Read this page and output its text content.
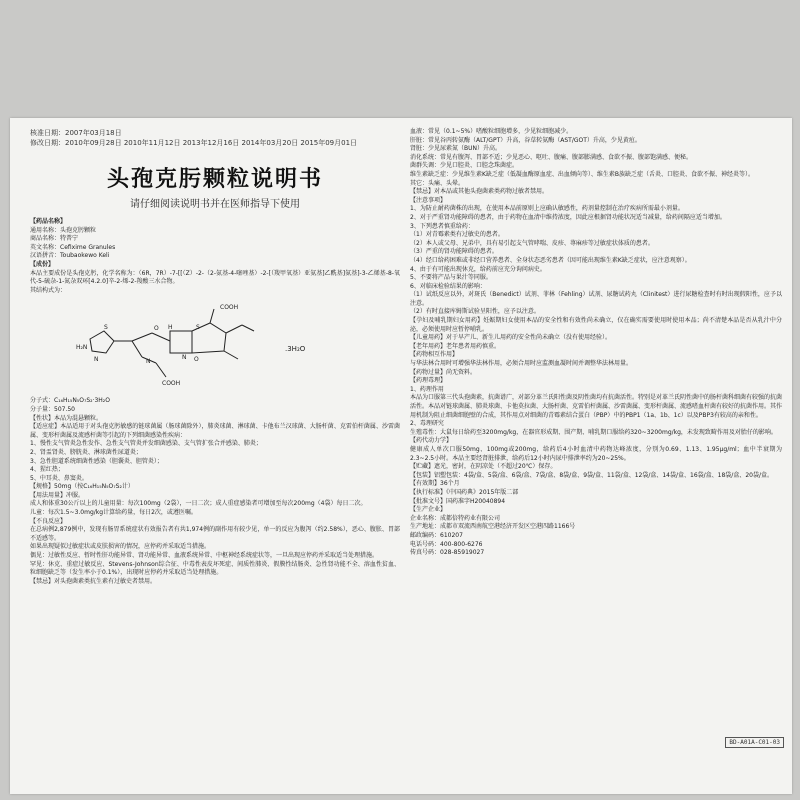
核准日期：2007年03月18日
修改日期：2010年09月28日 2010年11月12日 2013年12月16日 2014年03月20日 2015年09月01日
头孢克肟颗粒说明书
请仔细阅读说明书并在医师指导下使用
【药品名称】
通用名称：头孢克肟颗粒
商品名称：特普宁
英文名称：Cefixime Granules
汉语拼音：Toubaokewo Keli
【成份】
本品主要成份是头孢克肟，化学名称为：（6R，7R）-7-[[（Z）-2-（2-氨基-4-噻唑基）-2-[（羧甲氧基）亚氨基]乙酰基]氨基]-3-乙烯基-8-氧代-5-硫杂-1-氮杂双环[4.2.0]辛-2-烯-2-羧酸三水合物。
其结构式为：
H₂N
N
S
N
O H
O
COOH
S
N
COOH
.3H₂O
分子式：C₁₆H₁₅N₅O₇S₂·3H₂O
分子量：507.50
【性状】本品为混悬颗粒。
【适应症】本品适用于对头孢克肟敏感的链球菌属（肠球菌除外），肺炎球菌、淋球菌、卡他布兰汉球菌、大肠杆菌、克雷伯杆菌属、沙雷菌属、变形杆菌属及流感杆菌等引起的下列细菌感染性疾病：
1、慢性支气管炎急性发作、急性支气管炎并发细菌感染、支气管扩张合并感染、肺炎；
2、肾盂肾炎、膀胱炎、淋球菌性尿道炎；
3、急性胆道系统细菌性感染（胆囊炎、胆管炎）；
4、猩红热；
5、中耳炎、鼻窦炎。
【规格】50mg（按C₁₆H₁₅N₅O₇S₂计）
【用法用量】冲服。
成人和体重30公斤以上的儿童用量：每次100mg（2袋），一日二次；成人重症感染者可增加至每次200mg（4袋）每日二次。
儿童：每次1.5~3.0mg/kg计算给药量，每日2次，或遵医嘱。
【不良反应】
在总病例2,879例中，发现有肠胃系统症状有效报告者有共1,974例的副作用有较少见，单一的反应为腹泻（约2.58%），恶心、腹胀、胃部不适感等。
如果出现疑似过敏症状或皮肤损害的情况，应停药并采取适当措施。
偶见：过敏性反应、暂时性肝功能异常、肾功能异常、血液系统异常、中枢神经系统症状等，一旦出现应停药并采取适当处理措施。
罕见：休克、重症过敏反应、Stevens-Johnson综合征、中毒性表皮坏死症、间质性肺炎、假膜性结肠炎、急性肾功能不全、溶血性贫血、粒细胞缺乏等（发生率小于0.1%），出现时应停药并采取适当处理措施。
【禁忌】对头孢菌素类抗生素有过敏史者禁用。
血液：常见（0.1~5%）嗜酸粒细胞增多，少见粒细胞减少。
肝脏：常见谷丙转氨酶（ALT/GPT）升高，谷草转氨酶（AST/GOT）升高，少见黄疸。
肾脏：少见尿素氮（BUN）升高。
消化系统：常见有腹泻、胃部不适；少见恶心、呕吐、腹痛、腹部膨满感、食欲不振、腹部饱满感、便秘。
菌群失调：少见口腔炎、口腔念珠菌症。
维生素缺乏症：少见维生素K缺乏症（低凝血酶原血症、出血倾向等）、维生素B族缺乏症（舌炎、口腔炎、食欲不振、神经炎等）。
其它：头痛、头晕。
【禁忌】对本品或其他头孢菌素类药物过敏者禁用。
【注意事项】
1、为防止耐药菌株的出现，在使用本品前原则上应确认敏感性，药剂量控制在治疗疾病所需最小剂量。
2、对于严重肾功能障碍的患者，由于药物在血清中维持浓度，因此应根据肾功能状况适当减量，给药间隔应适当增加。
3、下列患者慎重给药：
（1）对青霉素类有过敏史的患者。
（2）本人或父母、兄弟中，具有易引起支气管哮喘、皮疹、荨麻疹等过敏症状体质的患者。
（3）严重的肾功能障碍的患者。
（4）经口给药困难或非经口营养患者、全身状态恶劣患者（因可能出现维生素K缺乏症状，应注意观察）。
4、由于有可能出现休克，给药前应充分询问病史。
5、不要将产品与果汁等同服。
6、对临床检验结果的影响：
（1）试纸反应以外，对斑氏（Benedict）试剂、菲林（Fehling）试剂、尿糖试药丸（Clinitest）进行尿糖检查时有时出现假阳性，应予以注意。
（2）有时直接库姆斯试验呈阳性，应予以注意。
【孕妇及哺乳期妇女用药】妊娠期妇女使用本品的安全性和有效性尚未确立，仅在确实需要使用时使用本品；尚不清楚本品是否从乳汁中分泌，必须使用时应暂停哺乳。
【儿童用药】对于早产儿、新生儿用药的安全性尚未确立（没有使用经验）。
【老年用药】老年患者用药慎重。
【药物相互作用】
与华法林合用时可增强华法林作用，必须合用时应监测血凝时间并调整华法林用量。
【药物过量】尚无资料。
【药理毒理】
1、药理作用
本品为口服第三代头孢菌素，抗菌谱广，对部分革兰氏阳性菌及阴性菌均有抗菌活性。特别是对革兰氏阴性菌中的肠杆菌科细菌有较强的抗菌活性。本品对链球菌属、肺炎球菌、卡他莫拉菌、大肠杆菌、克雷伯杆菌属、沙雷菌属、变形杆菌属、流感嗜血杆菌有较好的抗菌作用。其作用机制为阻止细菌细胞壁的合成，其作用点对细菌的青霉素结合蛋白（PBP）中的PBP1（1a、1b、1c）以及PBP3有较高的亲和性。
2、毒理研究
生殖毒性：大鼠每日给药至3200mg/kg，在器官形成期、围产期、哺乳期口服给药320~3200mg/kg，未发现致畸作用及对胎仔的影响。
【药代动力学】
健康成人单次口服50mg、100mg或200mg，给药后4小时血清中药物达峰浓度，分别为0.69、1.13、1.95μg/ml；血中半衰期为2.3~2.5小时。本品主要经肾脏排泄，给药后12小时内尿中排泄率约为20~25%。
【贮藏】遮光，密封，在阴凉处（不超过20℃）保存。
【包装】铝塑包装：4袋/盒、5袋/盒、6袋/盒、7袋/盒、8袋/盒、9袋/盒、11袋/盒、12袋/盒、14袋/盒、16袋/盒、18袋/盒、20袋/盒。
【有效期】36个月
【执行标准】《中国药典》2015年版二部
【批准文号】国药准字H20040894
【生产企业】
企业名称：成都倍特药业有限公司
生产地址：成都市双流西南航空港经济开发区空港四路1166号
邮政编码：610207
电话号码：400-800-6276
传真号码：028-85919027
BD-A01A-C01-03
